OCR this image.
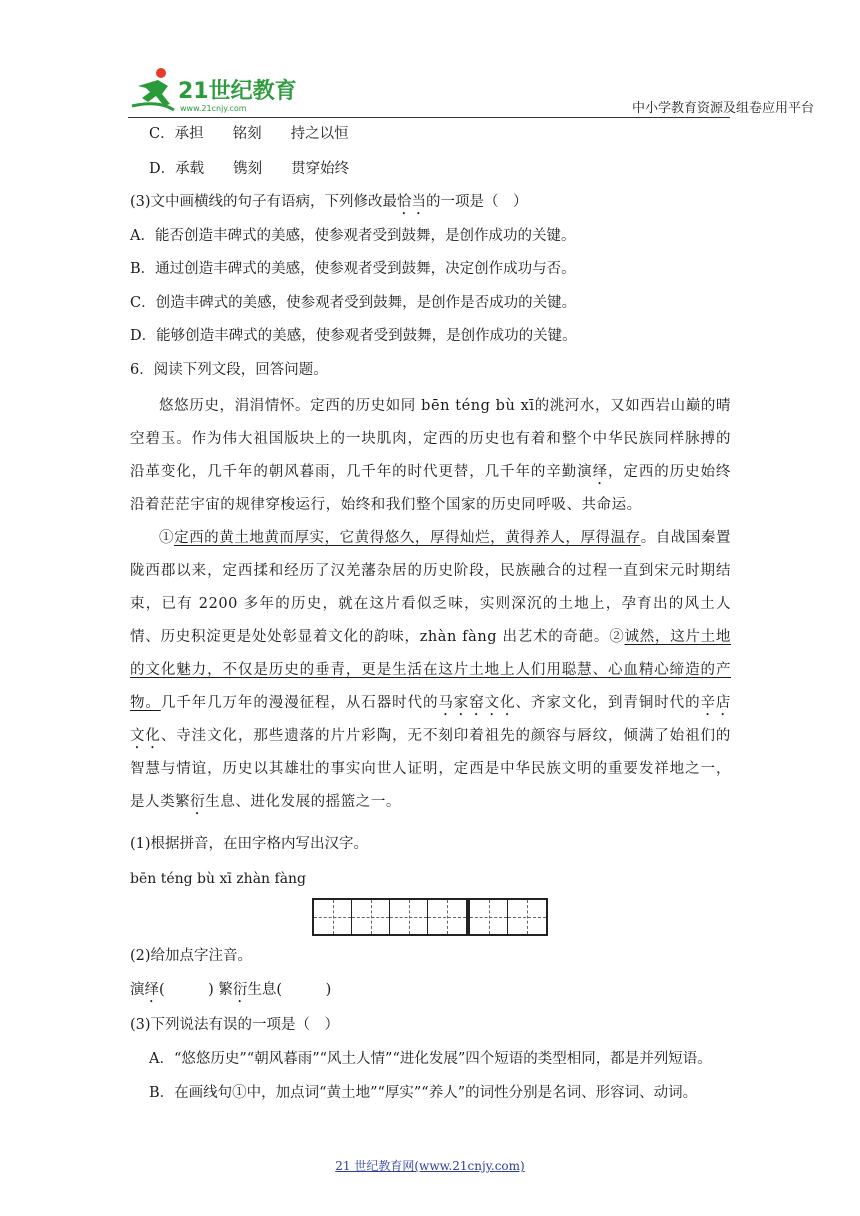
21世纪教育
www.21cnjy.com	中小学教育资源及组卷应用平台
C．承担　　铭刻　　持之以恒
D．承载　　镌刻　　贯穿始终
(3)文中画横线的句子有语病，下列修改最恰当的一项是（　）
A．能否创造丰碑式的美感，使参观者受到鼓舞，是创作成功的关键。
B．通过创造丰碑式的美感，使参观者受到鼓舞，决定创作成功与否。
C．创造丰碑式的美感，使参观者受到鼓舞，是创作是否成功的关键。
D．能够创造丰碑式的美感，使参观者受到鼓舞，是创作成功的关键。
6．阅读下列文段，回答问题。

悠悠历史，涓涓情怀。定西的历史如同 bēn téng bù xī的洮河水，又如西岩山巅的晴空碧玉。作为伟大祖国版块上的一块肌肉，定西的历史也有着和整个中华民族同样脉搏的沿革变化，几千年的朝风暮雨，几千年的时代更替，几千年的辛勤演绎，定西的历史始终沿着茫茫宇宙的规律穿梭运行，始终和我们整个国家的历史同呼吸、共命运。

①定西的黄土地黄而厚实，它黄得悠久，厚得灿烂，黄得养人，厚得温存。自战国秦置陇西郡以来，定西揉和经历了汉羌藩杂居的历史阶段，民族融合的过程一直到宋元时期结束，已有 2200 多年的历史，就在这片看似乏味，实则深沉的土地上，孕育出的风土人情、历史积淀更是处处彰显着文化的韵味，zhàn fàng 出艺术的奇葩。②诚然，这片土地的文化魅力，不仅是历史的垂青，更是生活在这片土地上人们用聪慧、心血精心缔造的产物。几千年几万年的漫漫征程，从石器时代的马家窑文化、齐家文化，到青铜时代的辛店文化、寺洼文化，那些遗落的片片彩陶，无不刻印着祖先的颜容与唇纹，倾满了始祖们的智慧与情谊，历史以其雄壮的事实向世人证明，定西是中华民族文明的重要发祥地之一，是人类繁衍生息、进化发展的摇篮之一。

(1)根据拼音，在田字格内写出汉字。
bēn téng bù xī zhàn fàng
(2)给加点字注音。
演绎(　　　) 繁衍生息(　　　)
(3)下列说法有误的一项是（　）
A．“悠悠历史”“朝风暮雨”“风土人情”“进化发展”四个短语的类型相同，都是并列短语。
B．在画线句①中，加点词“黄土地”“厚实”“养人”的词性分别是名词、形容词、动词。
21 世纪教育网(www.21cnjy.com)
